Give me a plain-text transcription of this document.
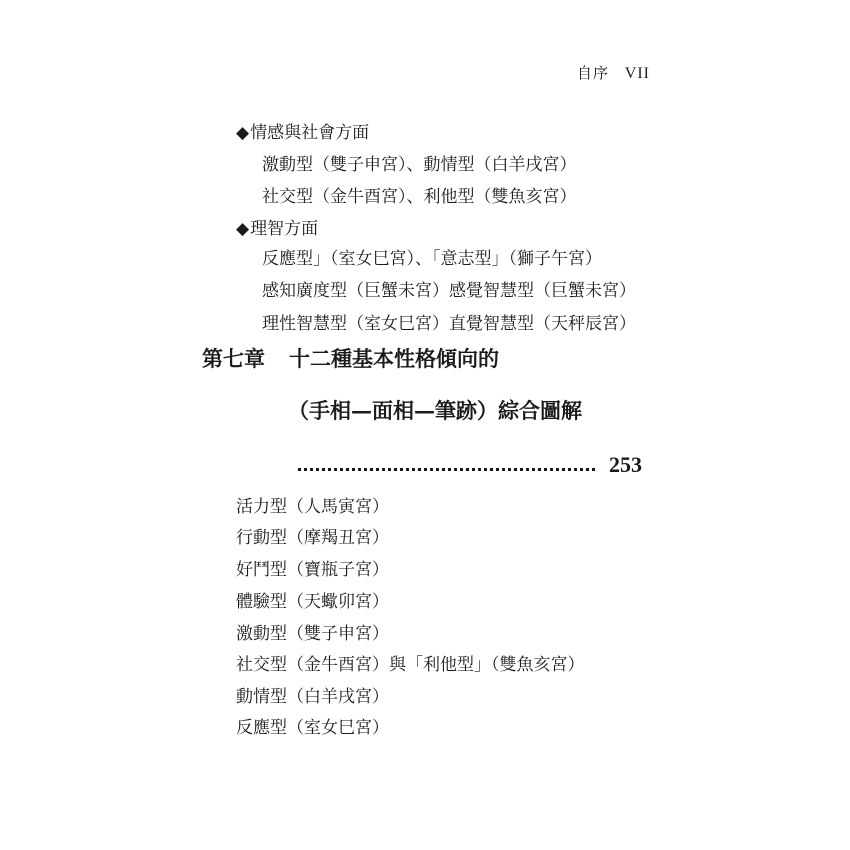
自序 VII
◆情感與社會方面
激動型（雙子申宮）、動情型（白羊戌宮）
社交型（金牛酉宮）、利他型（雙魚亥宮）
◆理智方面
反應型」（室女巳宮）、「意志型」（獅子午宮）
感知廣度型（巨蟹未宮）感覺智慧型（巨蟹未宮）
理性智慧型（室女巳宮）直覺智慧型（天秤辰宮）
第七章 十二種基本性格傾向的
（手相—面相—筆跡）綜合圖解
253
活力型（人馬寅宮）
行動型（摩羯丑宮）
好鬥型（寶瓶子宮）
體驗型（天蠍卯宮）
激動型（雙子申宮）
社交型（金牛酉宮）與「利他型」（雙魚亥宮）
動情型（白羊戌宮）
反應型（室女巳宮）
